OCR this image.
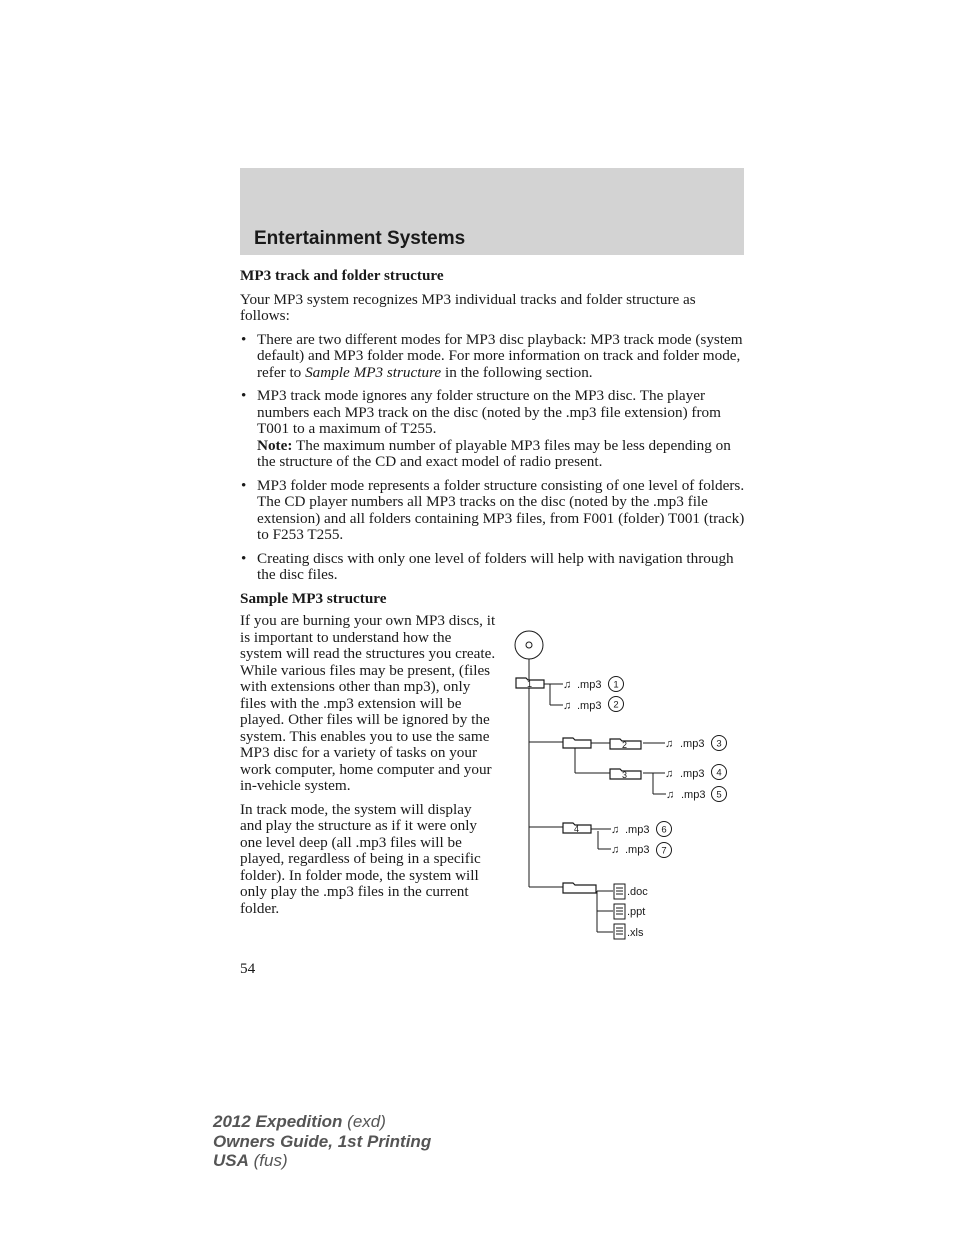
Entertainment Systems
MP3 track and folder structure

Your MP3 system recognizes MP3 individual tracks and folder structure as follows:

• There are two different modes for MP3 disc playback: MP3 track mode (system default) and MP3 folder mode. For more information on track and folder mode, refer to Sample MP3 structure in the following section.
• MP3 track mode ignores any folder structure on the MP3 disc. The player numbers each MP3 track on the disc (noted by the .mp3 file extension) from T001 to a maximum of T255.
Note: The maximum number of playable MP3 files may be less depending on the structure of the CD and exact model of radio present.
• MP3 folder mode represents a folder structure consisting of one level of folders. The CD player numbers all MP3 tracks on the disc (noted by the .mp3 file extension) and all folders containing MP3 files, from F001 (folder) T001 (track) to F253 T255.
• Creating discs with only one level of folders will help with navigation through the disc files.
Sample MP3 structure

If you are burning your own MP3 discs, it is important to understand how the system will read the structures you create. While various files may be present, (files with extensions other than mp3), only files with the .mp3 extension will be played. Other files will be ignored by the system. This enables you to use the same MP3 disc for a variety of tasks on your work computer, home computer and your in-vehicle system.

In track mode, the system will display and play the structure as if it were only one level deep (all .mp3 files will be played, regardless of being in a specific folder). In folder mode, the system will only play the .mp3 files in the current folder.

54
1
2
3
4
♫ .mp3
♫ .mp3
♫ .mp3
♫ .mp3
♫ .mp3
♫ .mp3
♫ .mp3
1
2
3
4
5
6
7
.doc
.ppt
.xls
2012 Expedition (exd)
Owners Guide, 1st Printing
USA (fus)
